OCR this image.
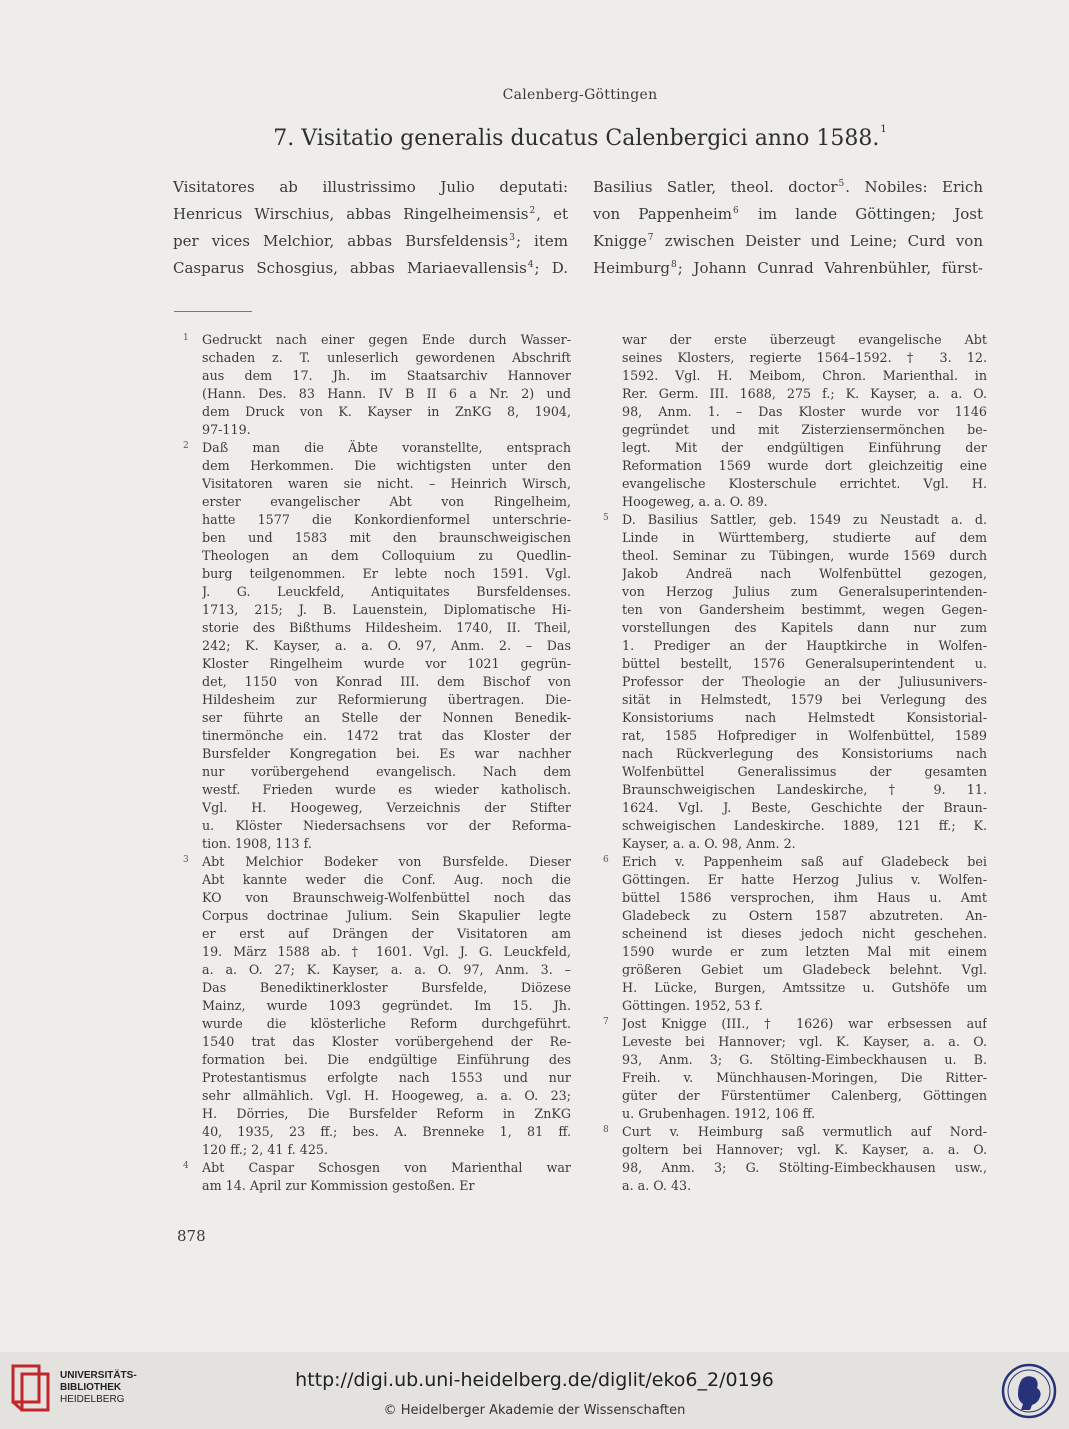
Calenberg-Göttingen
7. Visitatio generalis ducatus Calenbergici anno 1588.$^1$
Visitatores ab illustrissimo Julio deputati:
Henricus Wirschius, abbas Ringelheimensis$^2$, et
per vices Melchior, abbas Bursfeldensis$^3$; item
Casparus Schosgius, abbas Mariaevallensis$^4$; D.
Basilius Satler, theol. doctor$^5$. Nobiles: Erich
von Pappenheim$^6$ im lande Göttingen; Jost
Knigge$^7$ zwischen Deister und Leine; Curd von
Heimburg$^8$; Johann Cunrad Vahrenbühler, fürst-
1 Gedruckt nach einer gegen Ende durch Wasser-
schaden z. T. unleserlich gewordenen Abschrift
aus dem 17. Jh. im Staatsarchiv Hannover
(Hann. Des. 83 Hann. IV B II 6 a Nr. 2) und
dem Druck von K. Kayser in ZnKG 8, 1904,
97-119.
2 Daß man die Äbte voranstellte, entsprach
dem Herkommen. Die wichtigsten unter den
Visitatoren waren sie nicht. – Heinrich Wirsch,
erster evangelischer Abt von Ringelheim,
hatte 1577 die Konkordienformel unterschrie-
ben und 1583 mit den braunschweigischen
Theologen an dem Colloquium zu Quedlin-
burg teilgenommen. Er lebte noch 1591. Vgl.
J. G. Leuckfeld, Antiquitates Bursfeldenses.
1713, 215; J. B. Lauenstein, Diplomatische Hi-
storie des Bißthums Hildesheim. 1740, II. Theil,
242; K. Kayser, a. a. O. 97, Anm. 2. – Das
Kloster Ringelheim wurde vor 1021 gegrün-
det, 1150 von Konrad III. dem Bischof von
Hildesheim zur Reformierung übertragen. Die-
ser führte an Stelle der Nonnen Benedik-
tinermönche ein. 1472 trat das Kloster der
Bursfelder Kongregation bei. Es war nachher
nur vorübergehend evangelisch. Nach dem
westf. Frieden wurde es wieder katholisch.
Vgl. H. Hoogeweg, Verzeichnis der Stifter
u. Klöster Niedersachsens vor der Reforma-
tion. 1908, 113 f.
3 Abt Melchior Bodeker von Bursfelde. Dieser
Abt kannte weder die Conf. Aug. noch die
KO von Braunschweig-Wolfenbüttel noch das
Corpus doctrinae Julium. Sein Skapulier legte
er erst auf Drängen der Visitatoren am
19. März 1588 ab. † 1601. Vgl. J. G. Leuckfeld,
a. a. O. 27; K. Kayser, a. a. O. 97, Anm. 3. –
Das Benediktinerkloster Bursfelde, Diözese
Mainz, wurde 1093 gegründet. Im 15. Jh.
wurde die klösterliche Reform durchgeführt.
1540 trat das Kloster vorübergehend der Re-
formation bei. Die endgültige Einführung des
Protestantismus erfolgte nach 1553 und nur
sehr allmählich. Vgl. H. Hoogeweg, a. a. O. 23;
H. Dörries, Die Bursfelder Reform in ZnKG
40, 1935, 23 ff.; bes. A. Brenneke 1, 81 ff.
120 ff.; 2, 41 f. 425.
4 Abt Caspar Schosgen von Marienthal war
am 14. April zur Kommission gestoßen. Er
war der erste überzeugt evangelische Abt
seines Klosters, regierte 1564–1592. † 3. 12.
1592. Vgl. H. Meibom, Chron. Marienthal. in
Rer. Germ. III. 1688, 275 f.; K. Kayser, a. a. O.
98, Anm. 1. – Das Kloster wurde vor 1146
gegründet und mit Zisterziensermönchen be-
legt. Mit der endgültigen Einführung der
Reformation 1569 wurde dort gleichzeitig eine
evangelische Klosterschule errichtet. Vgl. H.
Hoogeweg, a. a. O. 89.
5 D. Basilius Sattler, geb. 1549 zu Neustadt a. d.
Linde in Württemberg, studierte auf dem
theol. Seminar zu Tübingen, wurde 1569 durch
Jakob Andreä nach Wolfenbüttel gezogen,
von Herzog Julius zum Generalsuperintenden-
ten von Gandersheim bestimmt, wegen Gegen-
vorstellungen des Kapitels dann nur zum
1. Prediger an der Hauptkirche in Wolfen-
büttel bestellt, 1576 Generalsuperintendent u.
Professor der Theologie an der Juliusunivers-
sität in Helmstedt, 1579 bei Verlegung des
Konsistoriums nach Helmstedt Konsistorial-
rat, 1585 Hofprediger in Wolfenbüttel, 1589
nach Rückverlegung des Konsistoriums nach
Wolfenbüttel Generalissimus der gesamten
Braunschweigischen Landeskirche, † 9. 11.
1624. Vgl. J. Beste, Geschichte der Braun-
schweigischen Landeskirche. 1889, 121 ff.; K.
Kayser, a. a. O. 98, Anm. 2.
6 Erich v. Pappenheim saß auf Gladebeck bei
Göttingen. Er hatte Herzog Julius v. Wolfen-
büttel 1586 versprochen, ihm Haus u. Amt
Gladebeck zu Ostern 1587 abzutreten. An-
scheinend ist dieses jedoch nicht geschehen.
1590 wurde er zum letzten Mal mit einem
größeren Gebiet um Gladebeck belehnt. Vgl.
H. Lücke, Burgen, Amtssitze u. Gutshöfe um
Göttingen. 1952, 53 f.
7 Jost Knigge (III., † 1626) war erbsessen auf
Leveste bei Hannover; vgl. K. Kayser, a. a. O.
93, Anm. 3; G. Stölting-Eimbeckhausen u. B.
Freih. v. Münchhausen-Moringen, Die Ritter-
güter der Fürstentümer Calenberg, Göttingen
u. Grubenhagen. 1912, 106 ff.
8 Curt v. Heimburg saß vermutlich auf Nord-
goltern bei Hannover; vgl. K. Kayser, a. a. O.
98, Anm. 3; G. Stölting-Eimbeckhausen usw.,
a. a. O. 43.
878
UNIVERSITÄTS-
BIBLIOTHEK
HEIDELBERG
http://digi.ub.uni-heidelberg.de/diglit/eko6_2/0196
© Heidelberger Akademie der Wissenschaften
